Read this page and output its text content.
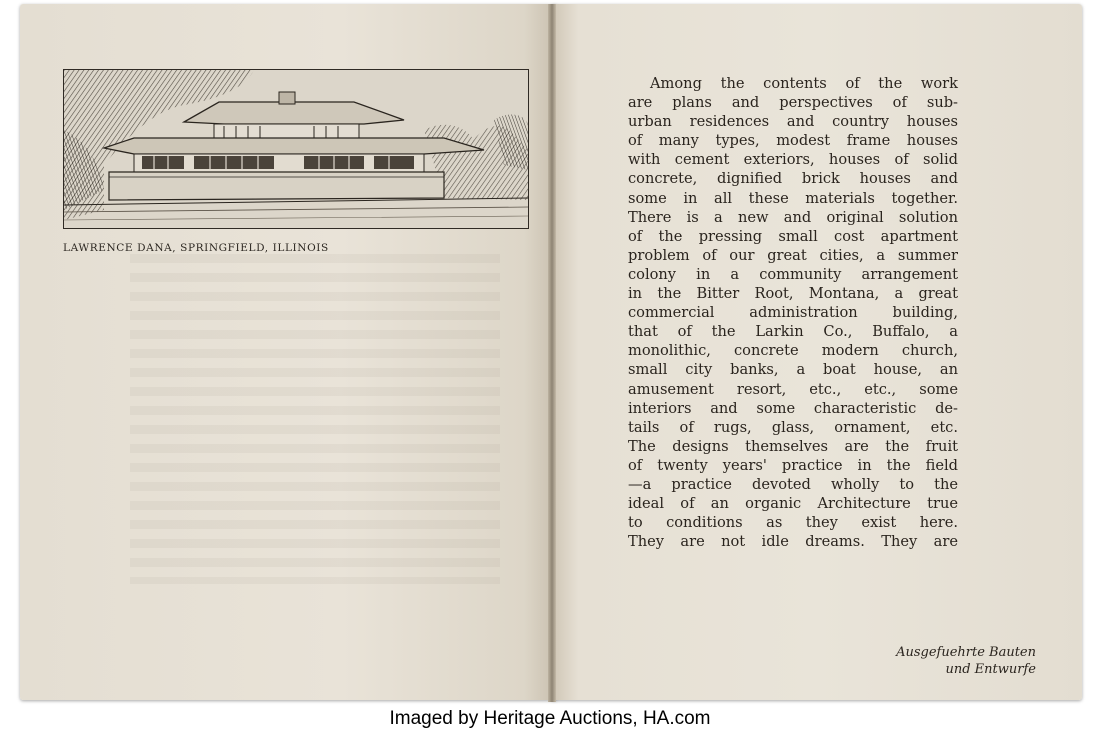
LAWRENCE DANA, SPRINGFIELD, ILLINOIS
Among the contents of the work
are plans and perspectives of sub-
urban residences and country houses
of many types, modest frame houses
with cement exteriors, houses of solid
concrete, dignified brick houses and
some in all these materials together.
There is a new and original solution
of the pressing small cost apartment
problem of our great cities, a summer
colony in a community arrangement
in the Bitter Root, Montana, a great
commercial administration building,
that of the Larkin Co., Buffalo, a
monolithic, concrete modern church,
small city banks, a boat house, an
amusement resort, etc., etc., some
interiors and some characteristic de-
tails of rugs, glass, ornament, etc.
The designs themselves are the fruit
of twenty years' practice in the field
—a practice devoted wholly to the
ideal of an organic Architecture true
to conditions as they exist here.
They are not idle dreams. They are
Ausgefuehrte Bauten
und Entwurfe
Imaged by Heritage Auctions, HA.com
